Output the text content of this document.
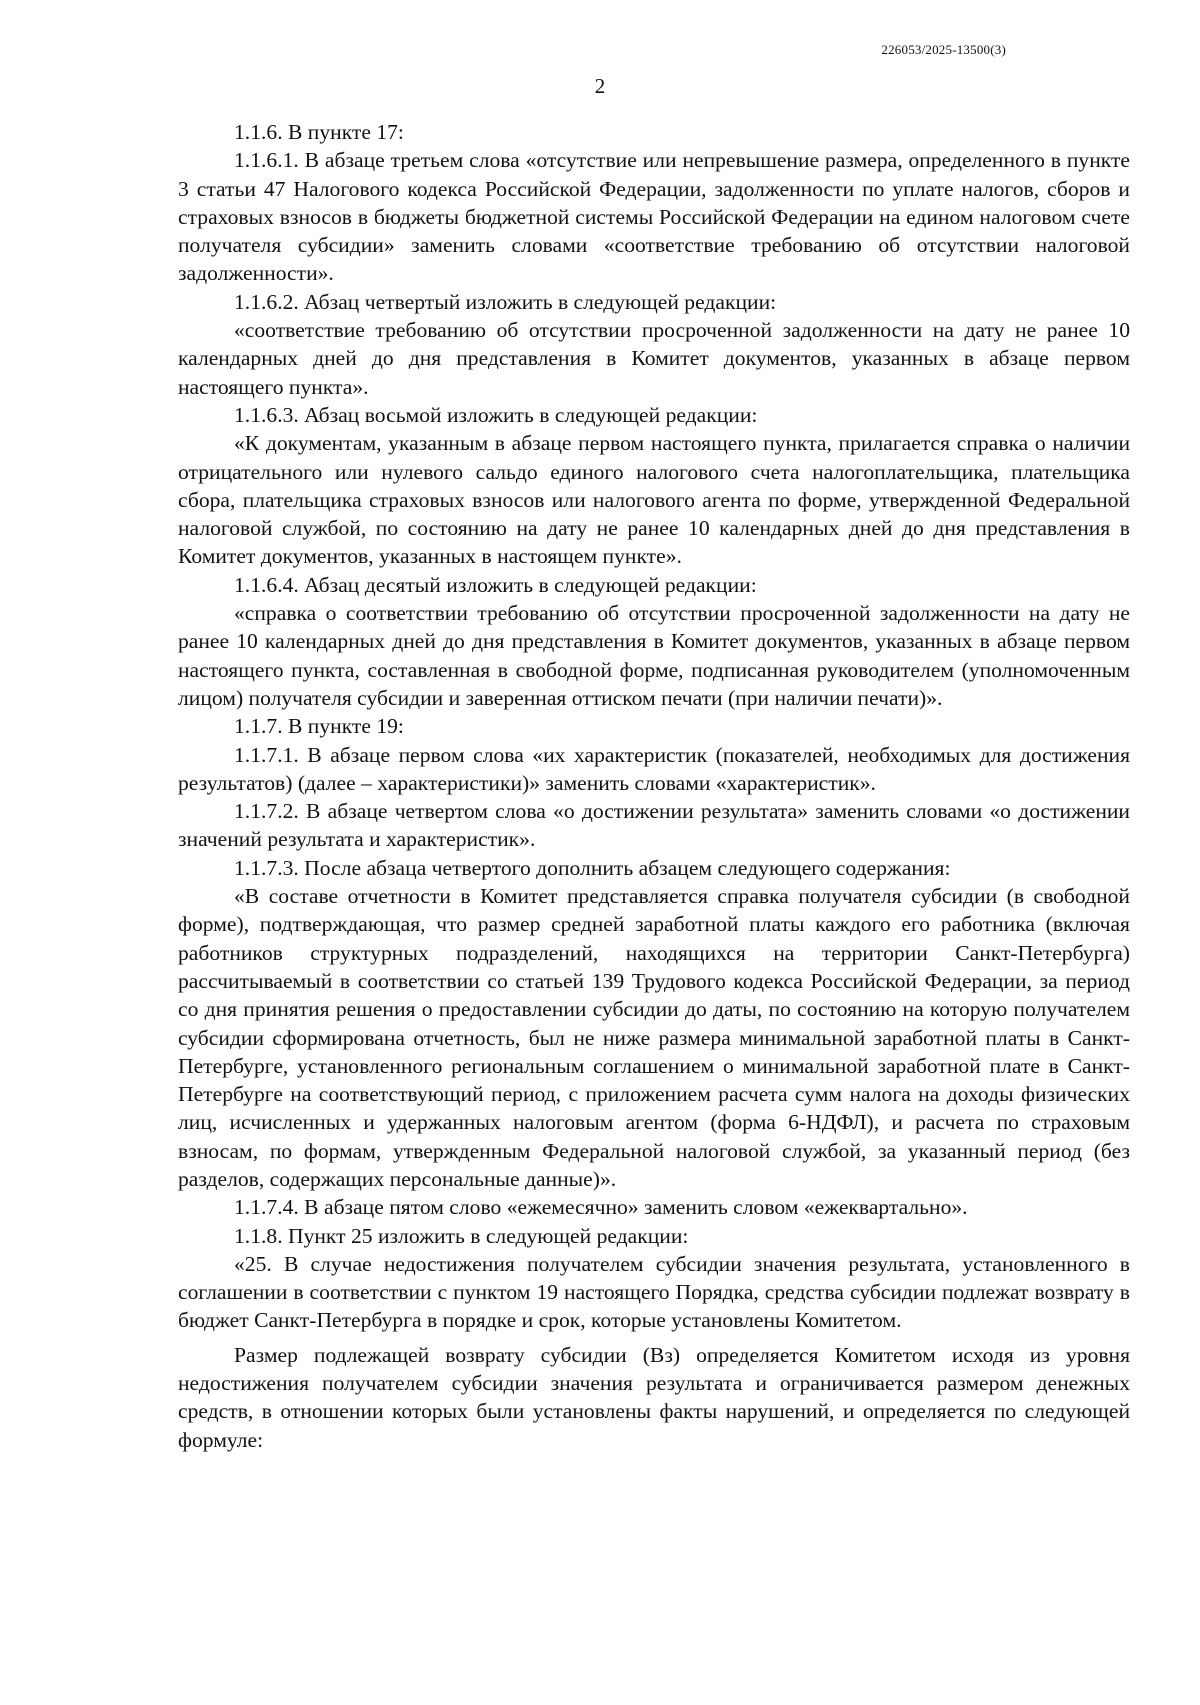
226053/2025-13500(3)
2

1.1.6. В пункте 17:

1.1.6.1. В абзаце третьем слова «отсутствие или непревышение размера, определенного в пункте 3 статьи 47 Налогового кодекса Российской Федерации, задолженности по уплате налогов, сборов и страховых взносов в бюджеты бюджетной системы Российской Федерации на едином налоговом счете получателя субсидии» заменить словами «соответствие требованию об отсутствии налоговой задолженности».

1.1.6.2. Абзац четвертый изложить в следующей редакции:

«соответствие требованию об отсутствии просроченной задолженности на дату не ранее 10 календарных дней до дня представления в Комитет документов, указанных в абзаце первом настоящего пункта».

1.1.6.3. Абзац восьмой изложить в следующей редакции:

«К документам, указанным в абзаце первом настоящего пункта, прилагается справка о наличии отрицательного или нулевого сальдо единого налогового счета налогоплательщика, плательщика сбора, плательщика страховых взносов или налогового агента по форме, утвержденной Федеральной налоговой службой, по состоянию на дату не ранее 10 календарных дней до дня представления в Комитет документов, указанных в настоящем пункте».

1.1.6.4. Абзац десятый изложить в следующей редакции:

«справка о соответствии требованию об отсутствии просроченной задолженности на дату не ранее 10 календарных дней до дня представления в Комитет документов, указанных в абзаце первом настоящего пункта, составленная в свободной форме, подписанная руководителем (уполномоченным лицом) получателя субсидии и заверенная оттиском печати (при наличии печати)».

1.1.7. В пункте 19:

1.1.7.1. В абзаце первом слова «их характеристик (показателей, необходимых для достижения результатов) (далее – характеристики)» заменить словами «характеристик».

1.1.7.2. В абзаце четвертом слова «о достижении результата» заменить словами «о достижении значений результата и характеристик».

1.1.7.3. После абзаца четвертого дополнить абзацем следующего содержания:

«В составе отчетности в Комитет представляется справка получателя субсидии (в свободной форме), подтверждающая, что размер средней заработной платы каждого его работника (включая работников структурных подразделений, находящихся на территории Санкт-Петербурга) рассчитываемый в соответствии со статьей 139 Трудового кодекса Российской Федерации, за период со дня принятия решения о предоставлении субсидии до даты, по состоянию на которую получателем субсидии сформирована отчетность, был не ниже размера минимальной заработной платы в Санкт-Петербурге, установленного региональным соглашением о минимальной заработной плате в Санкт-Петербурге на соответствующий период, с приложением расчета сумм налога на доходы физических лиц, исчисленных и удержанных налоговым агентом (форма 6-НДФЛ), и расчета по страховым взносам, по формам, утвержденным Федеральной налоговой службой, за указанный период (без разделов, содержащих персональные данные)».

1.1.7.4. В абзаце пятом слово «ежемесячно» заменить словом «ежеквартально».

1.1.8. Пункт 25 изложить в следующей редакции:

«25. В случае недостижения получателем субсидии значения результата, установленного в соглашении в соответствии с пунктом 19 настоящего Порядка, средства субсидии подлежат возврату в бюджет Санкт-Петербурга в порядке и срок, которые установлены Комитетом.

Размер подлежащей возврату субсидии (Вз) определяется Комитетом исходя из уровня недостижения получателем субсидии значения результата и ограничивается размером денежных средств, в отношении которых были установлены факты нарушений, и определяется по следующей формуле:
